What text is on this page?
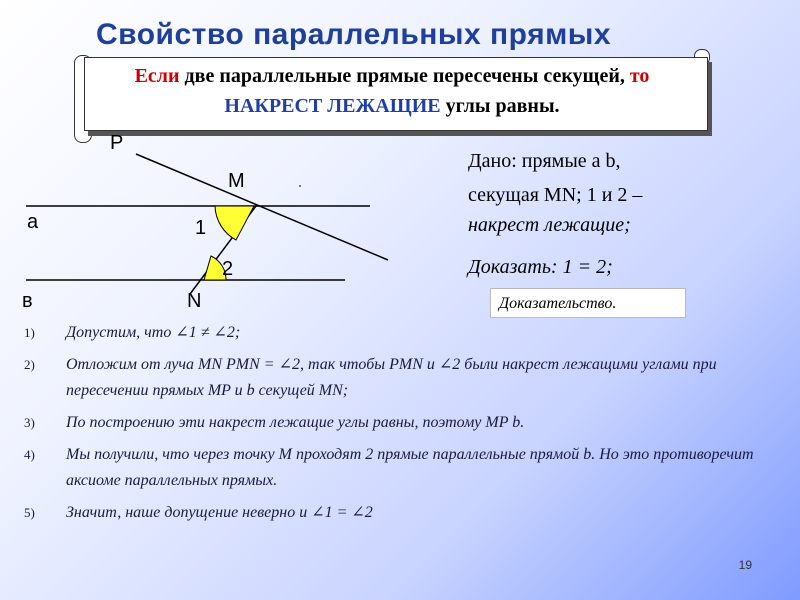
Свойство параллельных прямых
Если две параллельные прямые пересечены секущей, то НАКРЕСТ ЛЕЖАЩИЕ углы равны.
P
M
a	1
2
в	N
Дано: прямые a b,
секущая MN; 1 и 2 –
накрест лежащие;
Доказать: 1 = 2;
Доказательство.
1) Допустим, что ∠1 ≠ ∠2;
2) Отложим от луча MN PMN = ∠2, так чтобы PMN и ∠2 были накрест лежащими углами при пересечении прямых MP и b секущей MN;
3) По построению эти накрест лежащие углы равны, поэтому MP b.
4) Мы получили, что через точку M проходят 2 прямые параллельные прямой b. Но это противоречит аксиоме параллельных прямых.
5) Значит, наше допущение неверно и ∠1 = ∠2
19
